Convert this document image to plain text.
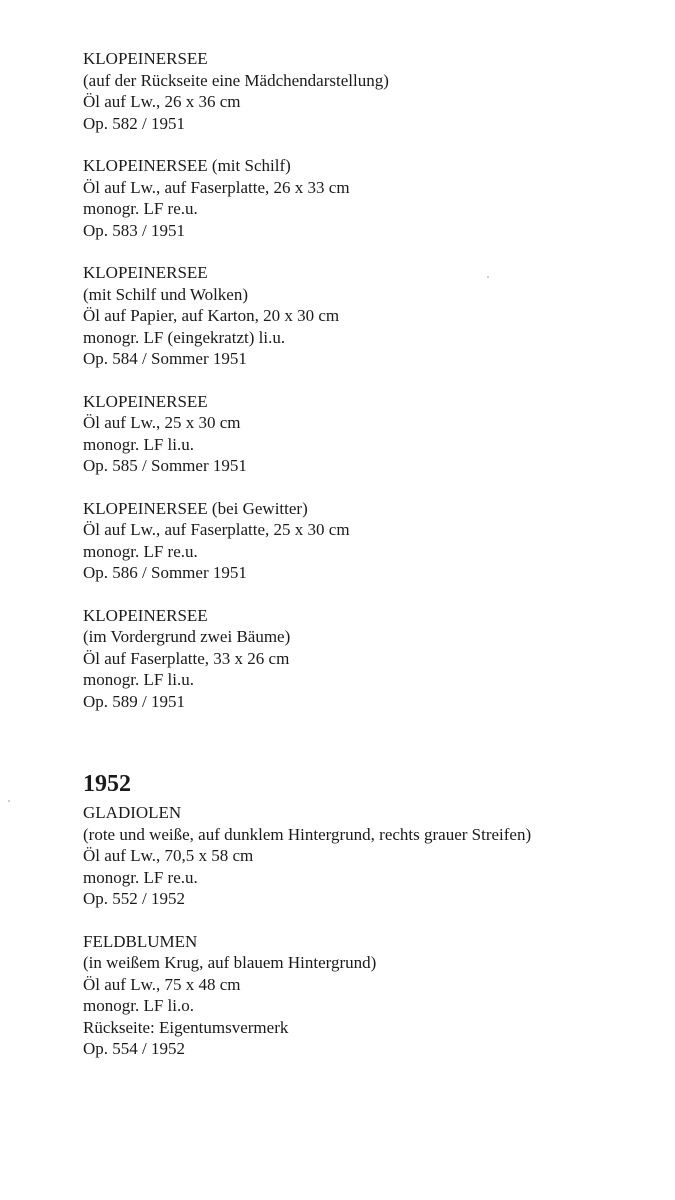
KLOPEINERSEE
(auf der Rückseite eine Mädchendarstellung)
Öl auf Lw., 26 x 36 cm
Op. 582 / 1951
KLOPEINERSEE (mit Schilf)
Öl auf Lw., auf Faserplatte, 26 x 33 cm
monogr. LF re.u.
Op. 583 / 1951
KLOPEINERSEE
(mit Schilf und Wolken)
Öl auf Papier, auf Karton, 20 x 30 cm
monogr. LF (eingekratzt) li.u.
Op. 584 / Sommer 1951
KLOPEINERSEE
Öl auf Lw., 25 x 30 cm
monogr. LF li.u.
Op. 585 / Sommer 1951
KLOPEINERSEE (bei Gewitter)
Öl auf Lw., auf Faserplatte, 25 x 30 cm
monogr. LF re.u.
Op. 586 / Sommer 1951
KLOPEINERSEE
(im Vordergrund zwei Bäume)
Öl auf Faserplatte, 33 x 26 cm
monogr. LF li.u.
Op. 589 / 1951
1952
GLADIOLEN
(rote und weiße, auf dunklem Hintergrund, rechts grauer Streifen)
Öl auf Lw., 70,5 x 58 cm
monogr. LF re.u.
Op. 552 / 1952
FELDBLUMEN
(in weißem Krug, auf blauem Hintergrund)
Öl auf Lw., 75 x 48 cm
monogr. LF li.o.
Rückseite: Eigentumsvermerk
Op. 554 / 1952
